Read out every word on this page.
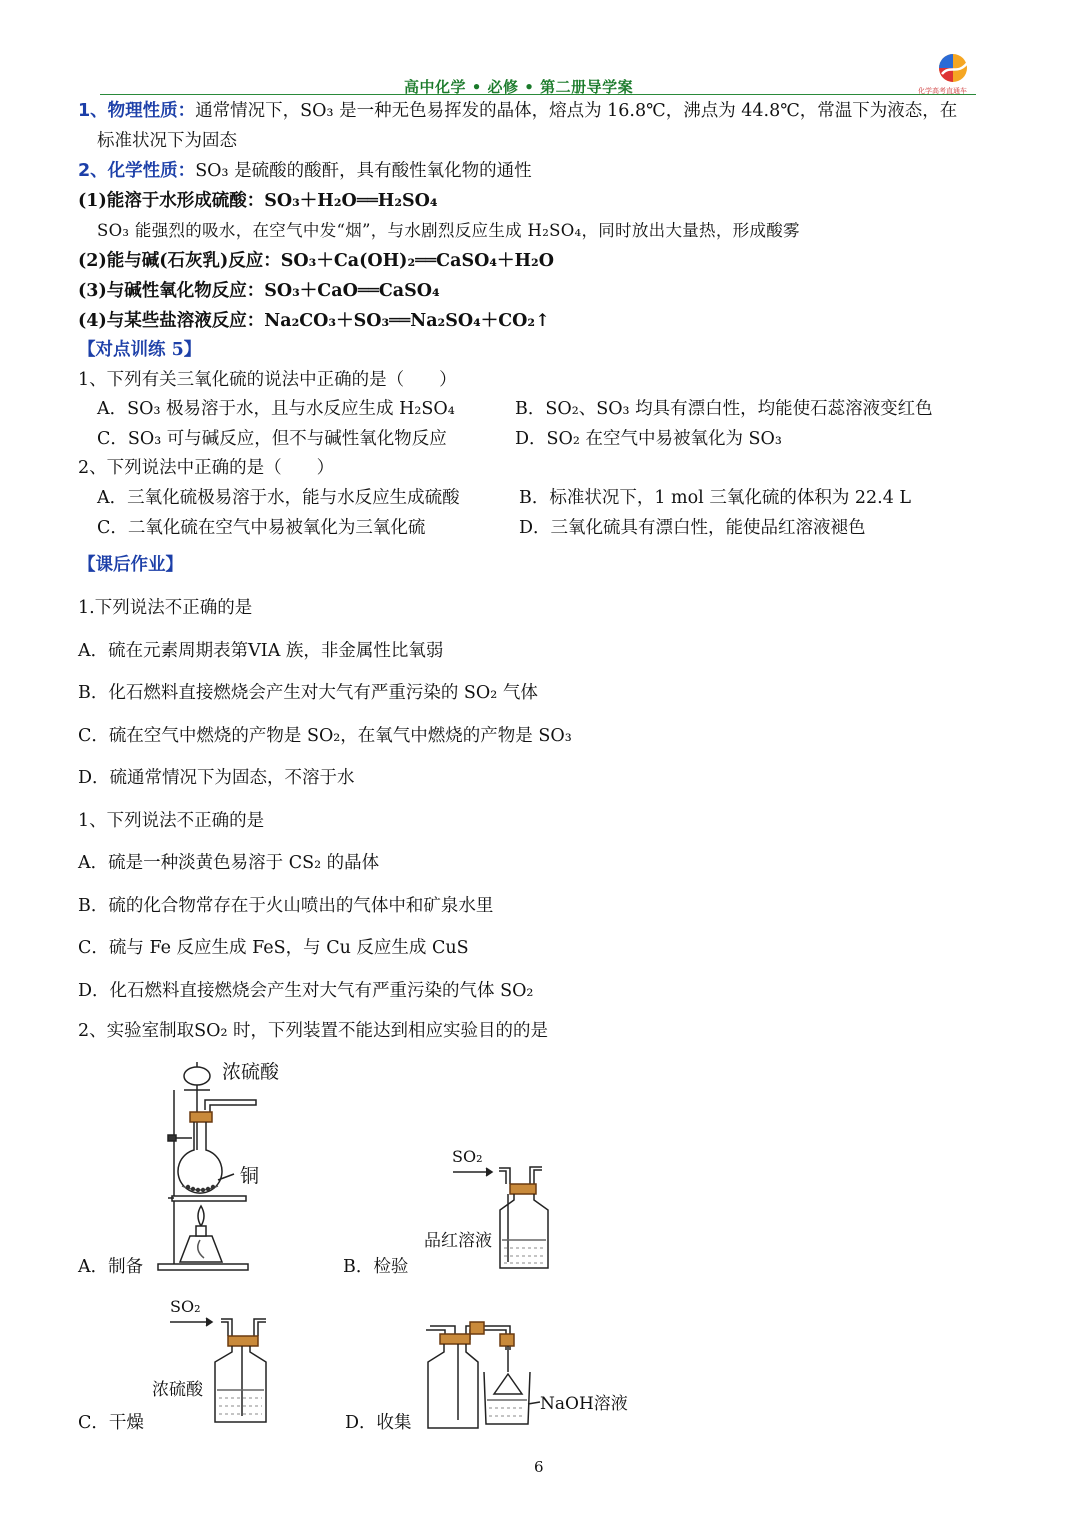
高中化学 • 必修 • 第二册导学案	化学高考直通车
1、物理性质：通常情况下，SO₃ 是一种无色易挥发的晶体，熔点为 16.8℃，沸点为 44.8℃，常温下为液态，在
标准状况下为固态
2、化学性质：SO₃ 是硫酸的酸酐，具有酸性氧化物的通性
(1)能溶于水形成硫酸：SO₃＋H₂O══H₂SO₄
SO₃ 能强烈的吸水，在空气中发“烟”，与水剧烈反应生成 H₂SO₄，同时放出大量热，形成酸雾
(2)能与碱(石灰乳)反应：SO₃＋Ca(OH)₂══CaSO₄＋H₂O
(3)与碱性氧化物反应：SO₃＋CaO══CaSO₄
(4)与某些盐溶液反应：Na₂CO₃＋SO₃══Na₂SO₄＋CO₂↑
【对点训练 5】
1、下列有关三氧化硫的说法中正确的是（　　）
A．SO₃ 极易溶于水，且与水反应生成 H₂SO₄	B．SO₂、SO₃ 均具有漂白性，均能使石蕊溶液变红色
C．SO₃ 可与碱反应，但不与碱性氧化物反应	D．SO₂ 在空气中易被氧化为 SO₃
2、下列说法中正确的是（　　）
A．三氧化硫极易溶于水，能与水反应生成硫酸	B．标准状况下，1 mol 三氧化硫的体积为 22.4 L
C．二氧化硫在空气中易被氧化为三氧化硫	D．三氧化硫具有漂白性，能使品红溶液褪色
【课后作业】
1.下列说法不正确的是
A．硫在元素周期表第VIA 族，非金属性比氧弱
B．化石燃料直接燃烧会产生对大气有严重污染的 SO₂ 气体
C．硫在空气中燃烧的产物是 SO₂，在氧气中燃烧的产物是 SO₃
D．硫通常情况下为固态，不溶于水
1、下列说法不正确的是
A．硫是一种淡黄色易溶于 CS₂ 的晶体
B．硫的化合物常存在于火山喷出的气体中和矿泉水里
C．硫与 Fe 反应生成 FeS，与 Cu 反应生成 CuS
D．化石燃料直接燃烧会产生对大气有严重污染的气体 SO₂
2、实验室制取SO₂ 时，下列装置不能达到相应实验目的的是
浓硫酸
铜
A．制备
SO₂
品红溶液
B．检验
SO₂
浓硫酸
C．干燥
NaOH溶液
D．收集
6
